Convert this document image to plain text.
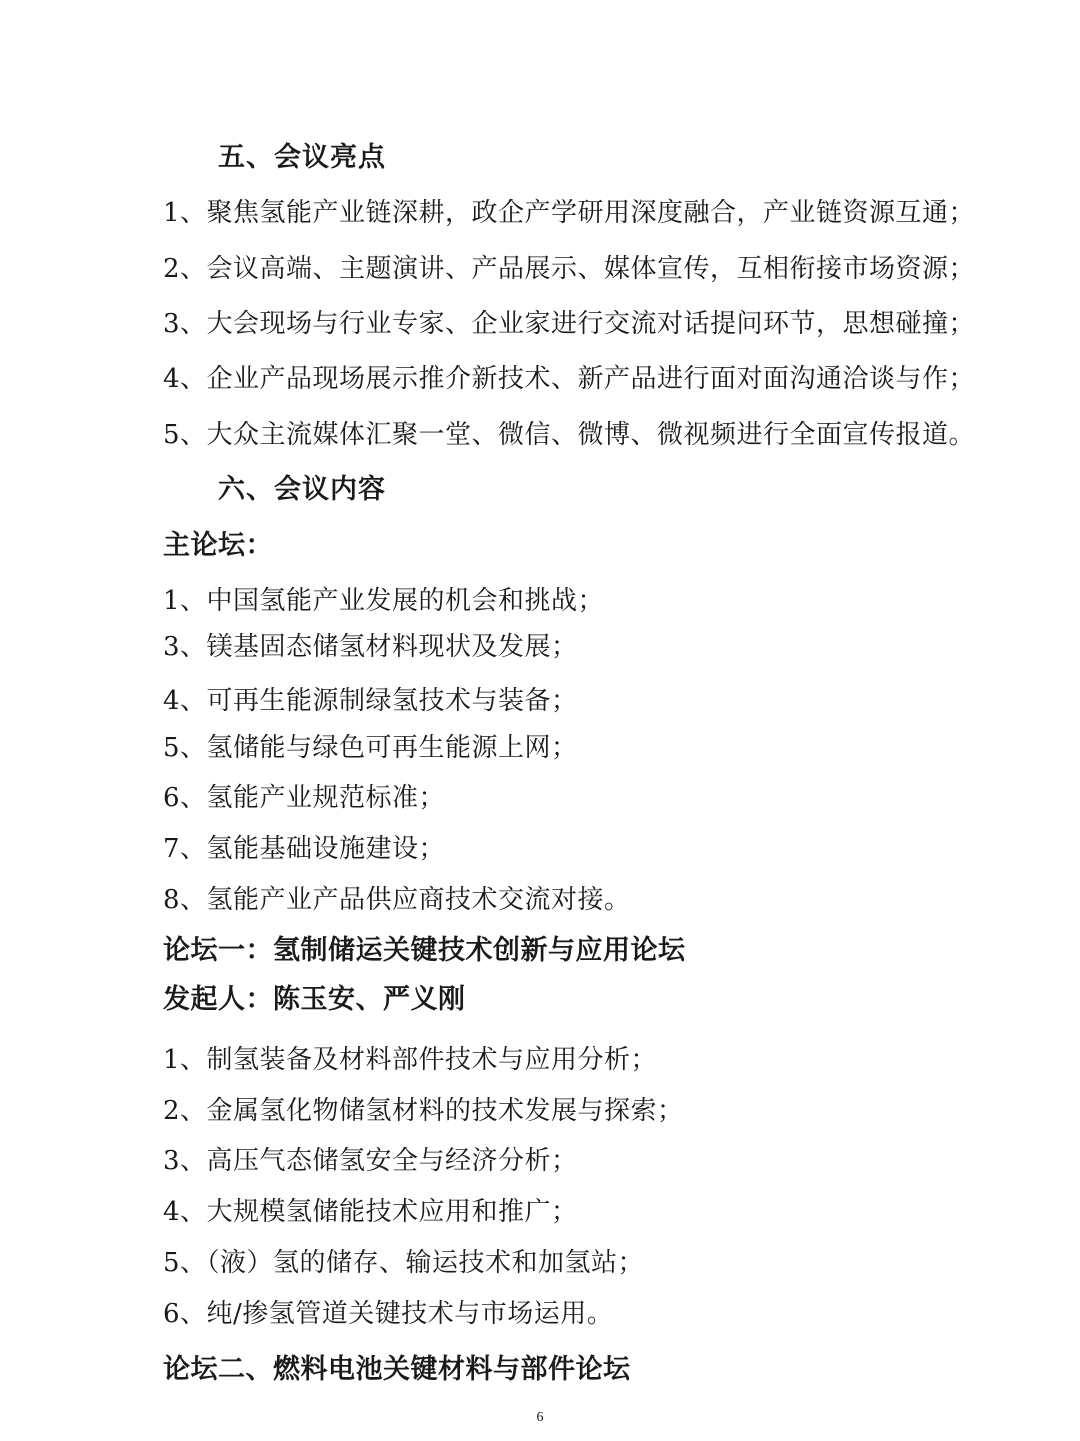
五、会议亮点
1、聚焦氢能产业链深耕，政企产学研用深度融合，产业链资源互通；
2、会议高端、主题演讲、产品展示、媒体宣传，互相衔接市场资源；
3、大会现场与行业专家、企业家进行交流对话提问环节，思想碰撞；
4、企业产品现场展示推介新技术、新产品进行面对面沟通洽谈与作；
5、大众主流媒体汇聚一堂、微信、微博、微视频进行全面宣传报道。
六、会议内容
主论坛：
1、中国氢能产业发展的机会和挑战；
3、镁基固态储氢材料现状及发展；
4、可再生能源制绿氢技术与装备；
5、氢储能与绿色可再生能源上网；
6、氢能产业规范标准；
7、氢能基础设施建设；
8、氢能产业产品供应商技术交流对接。
论坛一：氢制储运关键技术创新与应用论坛
发起人：陈玉安、严义刚
1、制氢装备及材料部件技术与应用分析；
2、金属氢化物储氢材料的技术发展与探索；
3、高压气态储氢安全与经济分析；
4、大规模氢储能技术应用和推广；
5、（液）氢的储存、输运技术和加氢站；
6、纯/掺氢管道关键技术与市场运用。
论坛二、燃料电池关键材料与部件论坛
6
